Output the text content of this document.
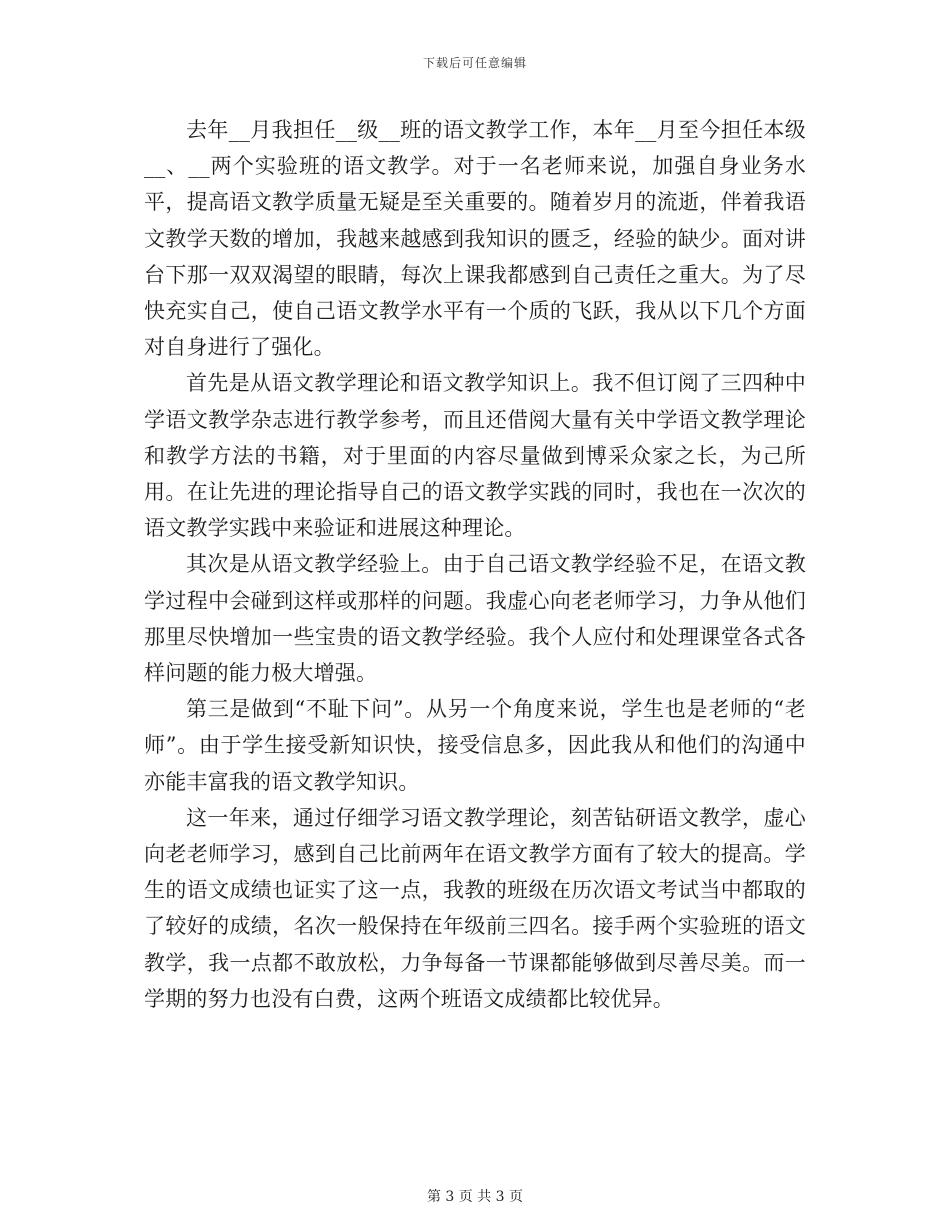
下载后可任意编辑

去年__月我担任__级__班的语文教学工作，本年__月至今担任本级__、__两个实验班的语文教学。对于一名老师来说，加强自身业务水平，提高语文教学质量无疑是至关重要的。随着岁月的流逝，伴着我语文教学天数的增加，我越来越感到我知识的匮乏，经验的缺少。面对讲台下那一双双渴望的眼睛，每次上课我都感到自己责任之重大。为了尽快充实自己，使自己语文教学水平有一个质的飞跃，我从以下几个方面对自身进行了强化。

首先是从语文教学理论和语文教学知识上。我不但订阅了三四种中学语文教学杂志进行教学参考，而且还借阅大量有关中学语文教学理论和教学方法的书籍，对于里面的内容尽量做到博采众家之长，为己所用。在让先进的理论指导自己的语文教学实践的同时，我也在一次次的语文教学实践中来验证和进展这种理论。

其次是从语文教学经验上。由于自己语文教学经验不足，在语文教学过程中会碰到这样或那样的问题。我虚心向老老师学习，力争从他们那里尽快增加一些宝贵的语文教学经验。我个人应付和处理课堂各式各样问题的能力极大增强。

第三是做到“不耻下问”。从另一个角度来说，学生也是老师的“老师”。由于学生接受新知识快，接受信息多，因此我从和他们的沟通中亦能丰富我的语文教学知识。

这一年来，通过仔细学习语文教学理论，刻苦钻研语文教学，虚心向老老师学习，感到自己比前两年在语文教学方面有了较大的提高。学生的语文成绩也证实了这一点，我教的班级在历次语文考试当中都取的了较好的成绩，名次一般保持在年级前三四名。接手两个实验班的语文教学，我一点都不敢放松，力争每备一节课都能够做到尽善尽美。而一学期的努力也没有白费，这两个班语文成绩都比较优异。

第 3 页 共 3 页
